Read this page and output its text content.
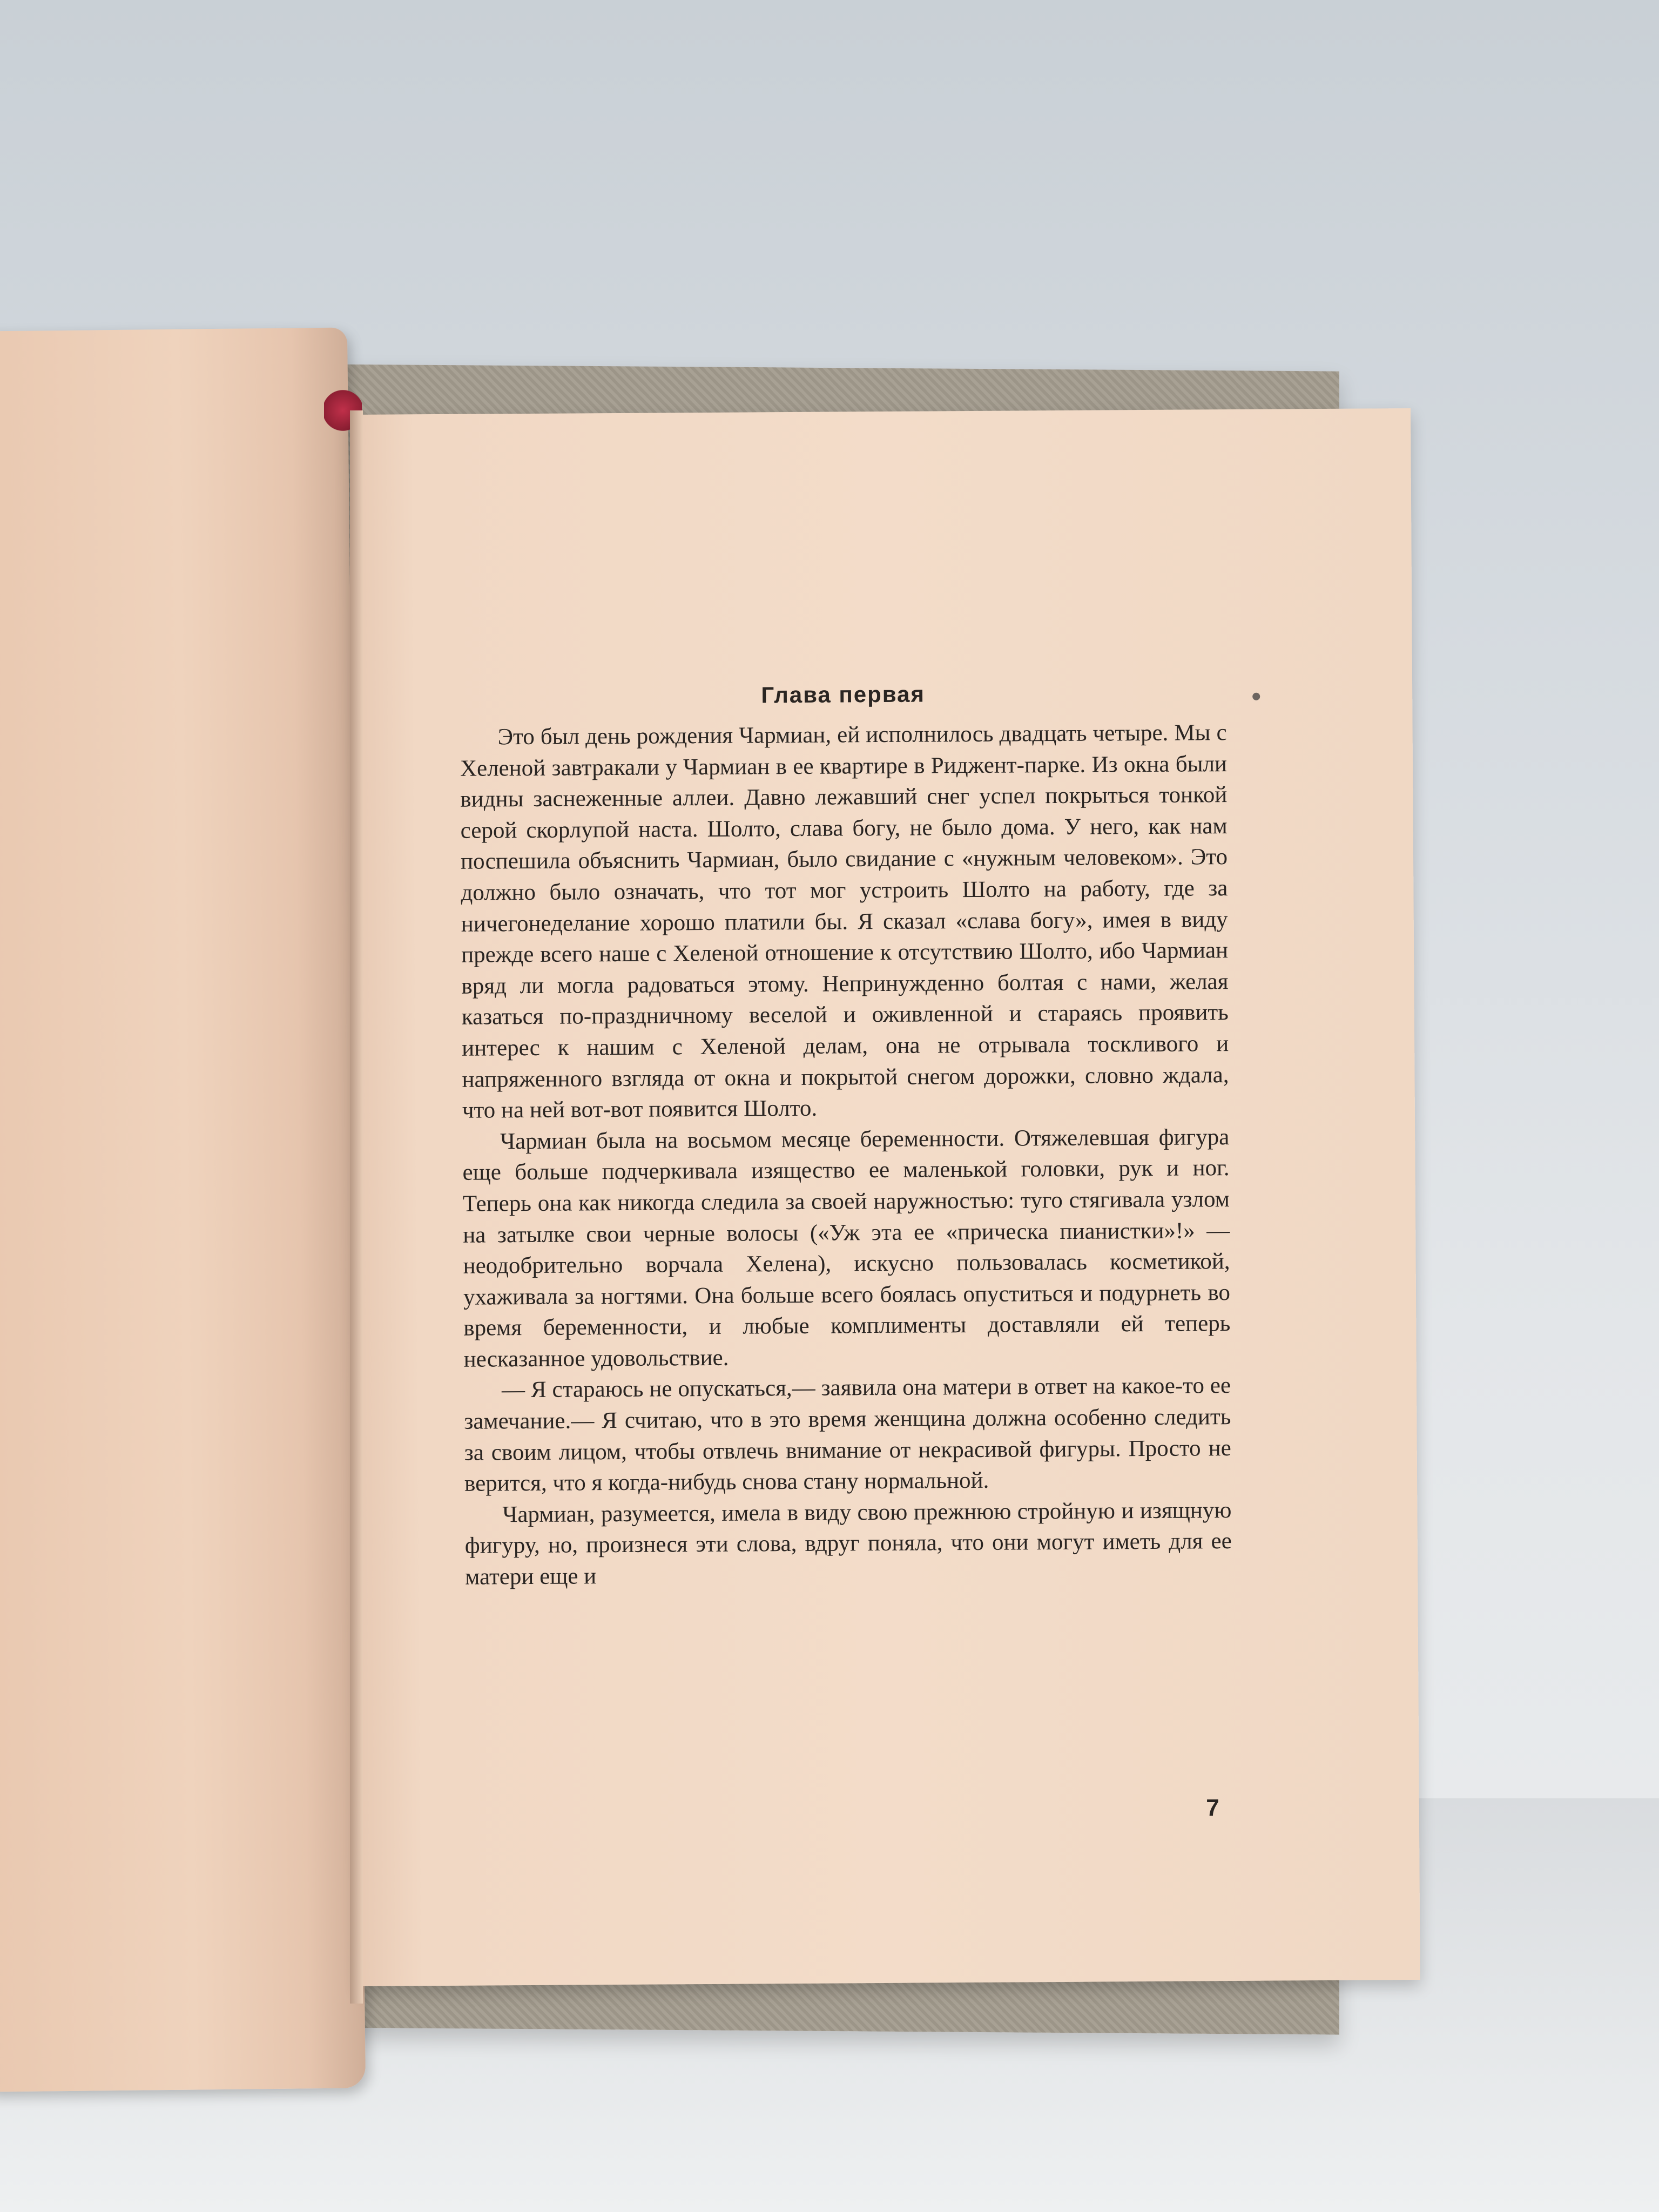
Глава первая

Это был день рождения Чармиан, ей исполнилось двадцать четыре. Мы с Хеленой завтракали у Чармиан в ее квартире в Риджент-парке. Из окна были видны заснеженные аллеи. Давно лежавший снег успел покрыться тонкой серой скорлупой наста. Шолто, слава богу, не было дома. У него, как нам поспешила объяснить Чармиан, было свидание с «нужным человеком». Это должно было означать, что тот мог устроить Шолто на работу, где за ничегонеделание хорошо платили бы. Я сказал «слава богу», имея в виду прежде всего наше с Хеленой отношение к отсутствию Шолто, ибо Чармиан вряд ли могла радоваться этому. Непринужденно болтая с нами, желая казаться по-праздничному веселой и оживленной и стараясь проявить интерес к нашим с Хеленой делам, она не отрывала тоскливого и напряженного взгляда от окна и покрытой снегом дорожки, словно ждала, что на ней вот-вот появится Шолто.

Чармиан была на восьмом месяце беременности. Отяжелевшая фигура еще больше подчеркивала изящество ее маленькой головки, рук и ног. Теперь она как никогда следила за своей наружностью: туго стягивала узлом на затылке свои черные волосы («Уж эта ее «прическа пианистки»!» — неодобрительно ворчала Хелена), искусно пользовалась косметикой, ухаживала за ногтями. Она больше всего боялась опуститься и подурнеть во время беременности, и любые комплименты доставляли ей теперь несказанное удовольствие.

— Я стараюсь не опускаться,— заявила она матери в ответ на какое-то ее замечание.— Я считаю, что в это время женщина должна особенно следить за своим лицом, чтобы отвлечь внимание от некрасивой фигуры. Просто не верится, что я когда-нибудь снова стану нормальной.

Чармиан, разумеется, имела в виду свою прежнюю стройную и изящную фигуру, но, произнеся эти слова, вдруг поняла, что они могут иметь для ее матери еще и

7
